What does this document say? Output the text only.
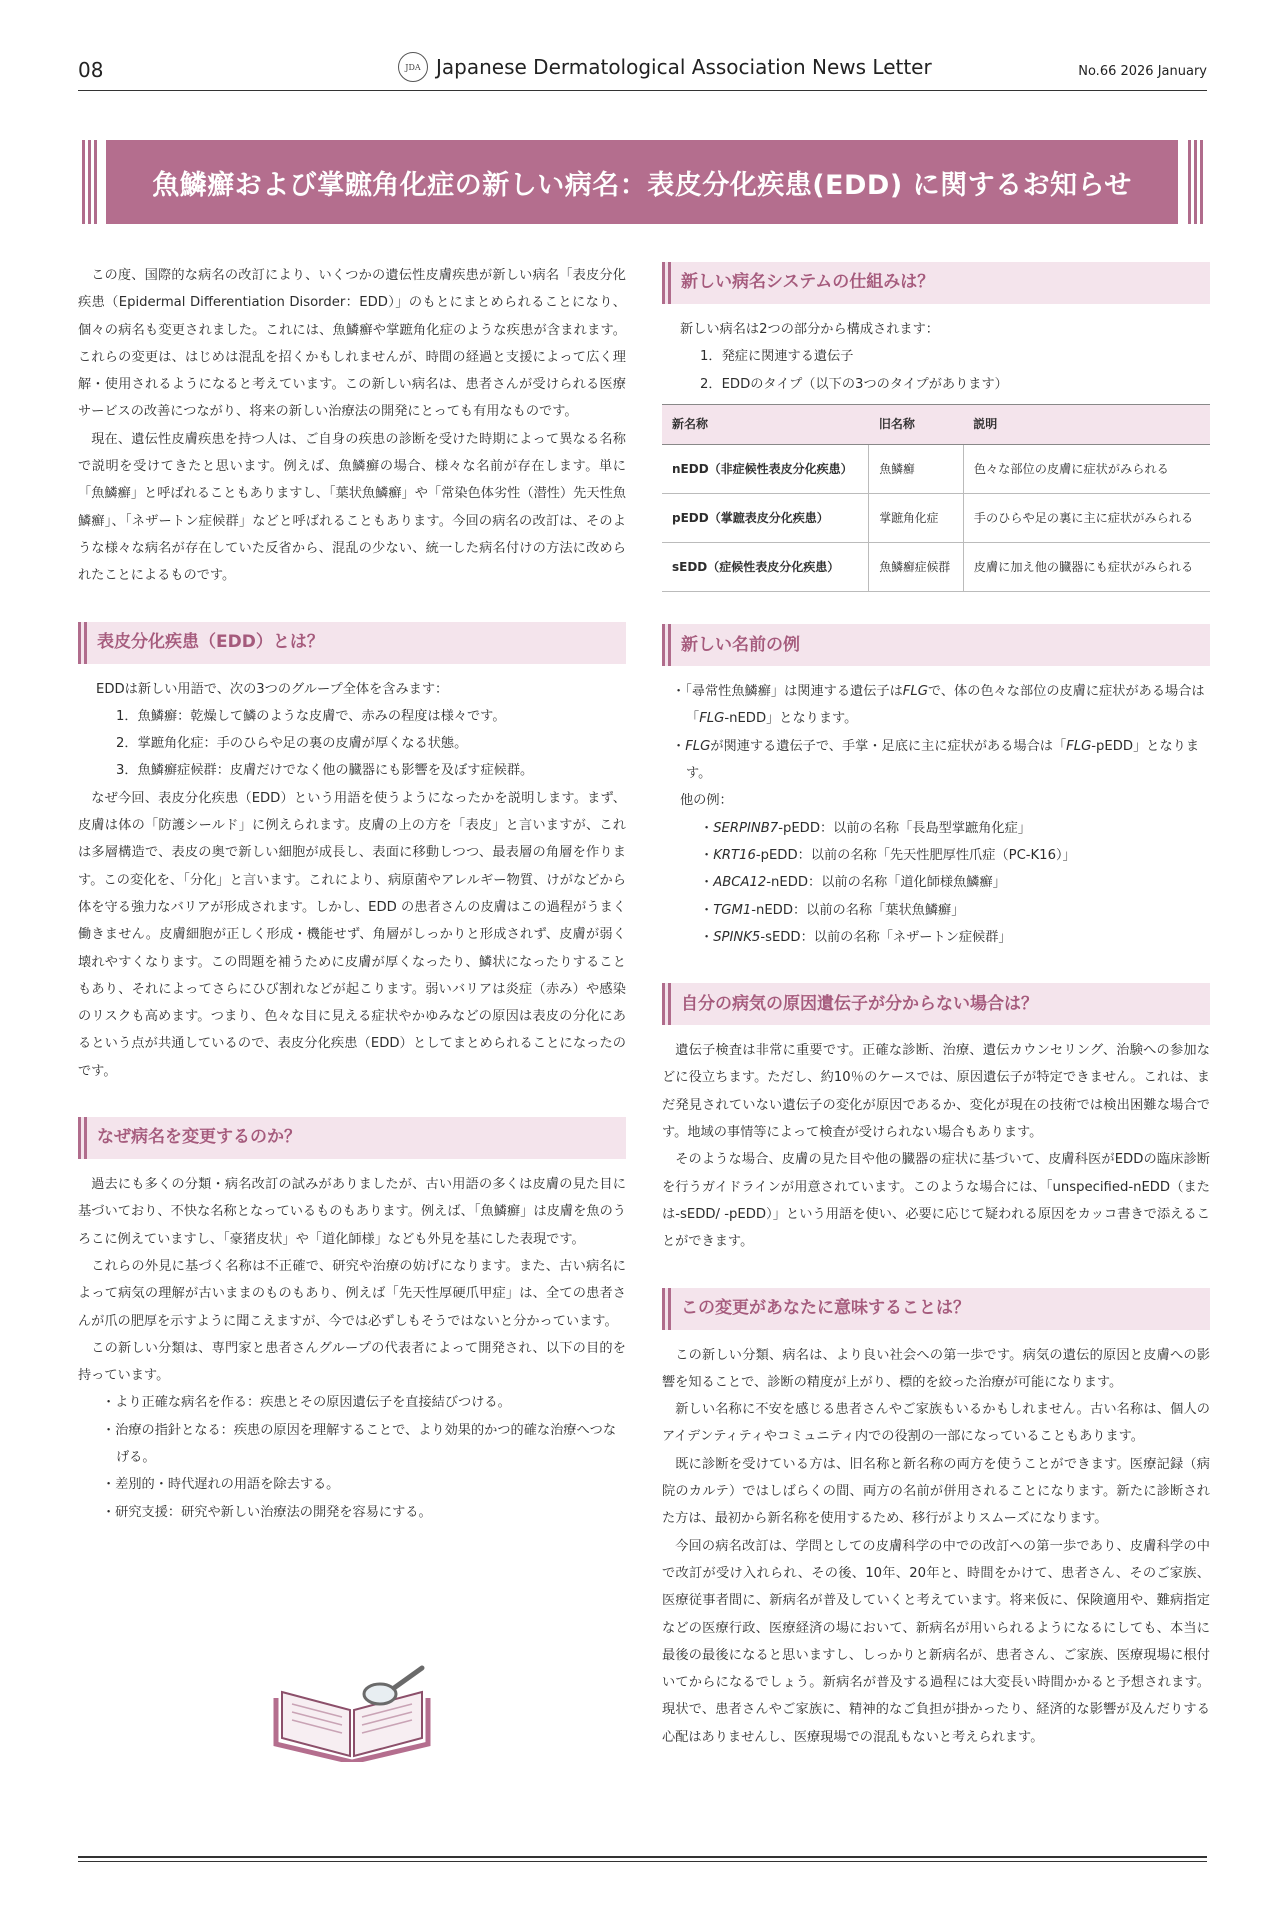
08	JDA Japanese Dermatological Association News Letter	No.66 2026 January
魚鱗癬および掌蹠角化症の新しい病名：表皮分化疾患(EDD) に関するお知らせ

この度、国際的な病名の改訂により、いくつかの遺伝性皮膚疾患が新しい病名「表皮分化疾患（Epidermal Differentiation Disorder：EDD）」のもとにまとめられることになり、個々の病名も変更されました。これには、魚鱗癬や掌蹠角化症のような疾患が含まれます。これらの変更は、はじめは混乱を招くかもしれませんが、時間の経過と支援によって広く理解・使用されるようになると考えています。この新しい病名は、患者さんが受けられる医療サービスの改善につながり、将来の新しい治療法の開発にとっても有用なものです。

現在、遺伝性皮膚疾患を持つ人は、ご自身の疾患の診断を受けた時期によって異なる名称で説明を受けてきたと思います。例えば、魚鱗癬の場合、様々な名前が存在します。単に「魚鱗癬」と呼ばれることもありますし、「葉状魚鱗癬」や「常染色体劣性（潜性）先天性魚鱗癬」、「ネザートン症候群」などと呼ばれることもあります。今回の病名の改訂は、そのような様々な病名が存在していた反省から、混乱の少ない、統一した病名付けの方法に改められたことによるものです。

表皮分化疾患（EDD）とは？

EDDは新しい用語で、次の3つのグループ全体を含みます：

1．魚鱗癬：乾燥して鱗のような皮膚で、赤みの程度は様々です。

2．掌蹠角化症：手のひらや足の裏の皮膚が厚くなる状態。

3．魚鱗癬症候群：皮膚だけでなく他の臓器にも影響を及ぼす症候群。

なぜ今回、表皮分化疾患（EDD）という用語を使うようになったかを説明します。まず、皮膚は体の「防護シールド」に例えられます。皮膚の上の方を「表皮」と言いますが、これは多層構造で、表皮の奥で新しい細胞が成長し、表面に移動しつつ、最表層の角層を作ります。この変化を、「分化」と言います。これにより、病原菌やアレルギー物質、けがなどから体を守る強力なバリアが形成されます。しかし、EDD の患者さんの皮膚はこの過程がうまく働きません。皮膚細胞が正しく形成・機能せず、角層がしっかりと形成されず、皮膚が弱く壊れやすくなります。この問題を補うために皮膚が厚くなったり、鱗状になったりすることもあり、それによってさらにひび割れなどが起こります。弱いバリアは炎症（赤み）や感染のリスクも高めます。つまり、色々な目に見える症状やかゆみなどの原因は表皮の分化にあるという点が共通しているので、表皮分化疾患（EDD）としてまとめられることになったのです。

なぜ病名を変更するのか？

過去にも多くの分類・病名改訂の試みがありましたが、古い用語の多くは皮膚の見た目に基づいており、不快な名称となっているものもあります。例えば、「魚鱗癬」は皮膚を魚のうろこに例えていますし、「豪猪皮状」や「道化師様」なども外見を基にした表現です。

これらの外見に基づく名称は不正確で、研究や治療の妨げになります。また、古い病名によって病気の理解が古いままのものもあり、例えば「先天性厚硬爪甲症」は、全ての患者さんが爪の肥厚を示すように聞こえますが、今では必ずしもそうではないと分かっています。

この新しい分類は、専門家と患者さんグループの代表者によって開発され、以下の目的を持っています。

・より正確な病名を作る：疾患とその原因遺伝子を直接結びつける。

・治療の指針となる：疾患の原因を理解することで、より効果的かつ的確な治療へつなげる。

・差別的・時代遅れの用語を除去する。

・研究支援：研究や新しい治療法の開発を容易にする。

新しい病名システムの仕組みは？

新しい病名は2つの部分から構成されます：

1．発症に関連する遺伝子

2．EDDのタイプ（以下の3つのタイプがあります）

新名称	旧名称	説明
nEDD（非症候性表皮分化疾患）	魚鱗癬	色々な部位の皮膚に症状がみられる
pEDD（掌蹠表皮分化疾患）	掌蹠角化症	手のひらや足の裏に主に症状がみられる
sEDD（症候性表皮分化疾患）	魚鱗癬症候群	皮膚に加え他の臓器にも症状がみられる
新しい名前の例

・「尋常性魚鱗癬」は関連する遺伝子はFLGで、体の色々な部位の皮膚に症状がある場合は「FLG-nEDD」となります。

・FLGが関連する遺伝子で、手掌・足底に主に症状がある場合は「FLG-pEDD」となります。

他の例：

・SERPINB7-pEDD：以前の名称「長島型掌蹠角化症」

・KRT16-pEDD：以前の名称「先天性肥厚性爪症（PC-K16）」

・ABCA12-nEDD：以前の名称「道化師様魚鱗癬」

・TGM1-nEDD：以前の名称「葉状魚鱗癬」

・SPINK5-sEDD：以前の名称「ネザートン症候群」

自分の病気の原因遺伝子が分からない場合は？

遺伝子検査は非常に重要です。正確な診断、治療、遺伝カウンセリング、治験への参加などに役立ちます。ただし、約10％のケースでは、原因遺伝子が特定できません。これは、まだ発見されていない遺伝子の変化が原因であるか、変化が現在の技術では検出困難な場合です。地域の事情等によって検査が受けられない場合もあります。

そのような場合、皮膚の見た目や他の臓器の症状に基づいて、皮膚科医がEDDの臨床診断を行うガイドラインが用意されています。このような場合には、「unspecified-nEDD（または-sEDD/ -pEDD）」という用語を使い、必要に応じて疑われる原因をカッコ書きで添えることができます。

この変更があなたに意味することは？

この新しい分類、病名は、より良い社会への第一歩です。病気の遺伝的原因と皮膚への影響を知ることで、診断の精度が上がり、標的を絞った治療が可能になります。

新しい名称に不安を感じる患者さんやご家族もいるかもしれません。古い名称は、個人のアイデンティティやコミュニティ内での役割の一部になっていることもあります。

既に診断を受けている方は、旧名称と新名称の両方を使うことができます。医療記録（病院のカルテ）ではしばらくの間、両方の名前が併用されることになります。新たに診断された方は、最初から新名称を使用するため、移行がよりスムーズになります。

今回の病名改訂は、学問としての皮膚科学の中での改訂への第一歩であり、皮膚科学の中で改訂が受け入れられ、その後、10年、20年と、時間をかけて、患者さん、そのご家族、医療従事者間に、新病名が普及していくと考えています。将来仮に、保険適用や、難病指定などの医療行政、医療経済の場において、新病名が用いられるようになるにしても、本当に最後の最後になると思いますし、しっかりと新病名が、患者さん、ご家族、医療現場に根付いてからになるでしょう。新病名が普及する過程には大変長い時間かかると予想されます。現状で、患者さんやご家族に、精神的なご負担が掛かったり、経済的な影響が及んだりする心配はありませんし、医療現場での混乱もないと考えられます。
